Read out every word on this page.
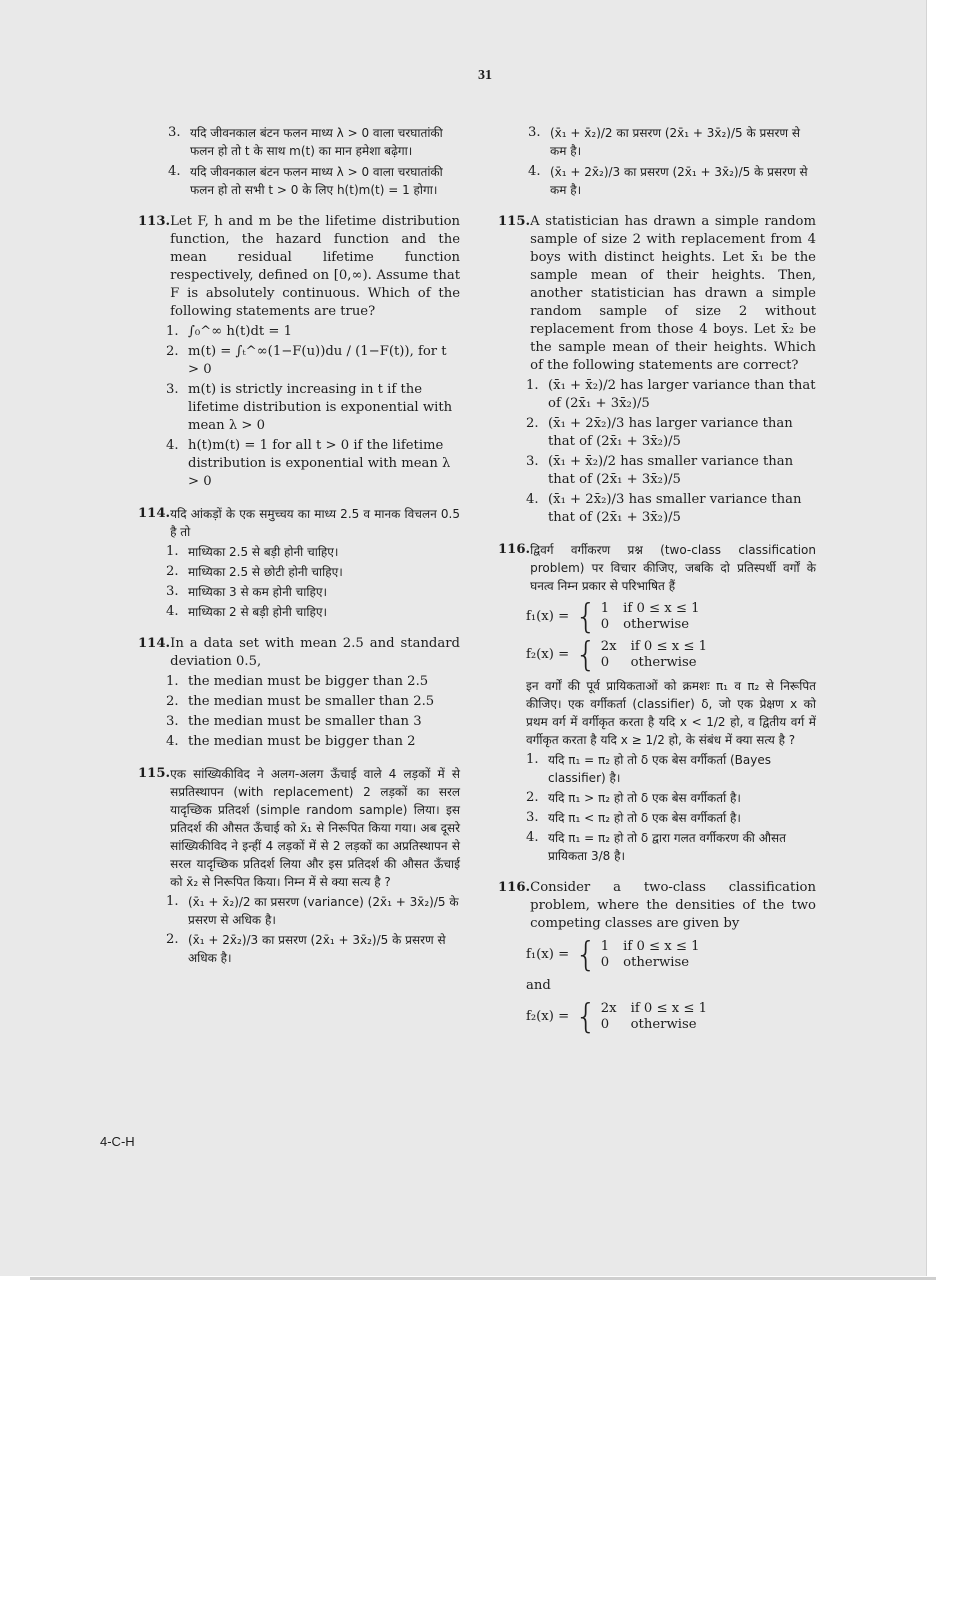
31
3. यदि जीवनकाल बंटन फलन माध्य λ > 0 वाला चरघातांकी फलन हो तो t के साथ m(t) का मान हमेशा बढ़ेगा।
4. यदि जीवनकाल बंटन फलन माध्य λ > 0 वाला चरघातांकी फलन हो तो सभी t > 0 के लिए h(t)m(t) = 1 होगा।
113. Let F, h and m be the lifetime distribution function, the hazard function and the mean residual lifetime function respectively, defined on [0,∞). Assume that F is absolutely continuous. Which of the following statements are true?
1. ∫₀^∞ h(t)dt = 1
2. m(t) = ∫ₜ^∞(1−F(u))du / (1−F(t)), for t > 0
3. m(t) is strictly increasing in t if the lifetime distribution is exponential with mean λ > 0
4. h(t)m(t) = 1 for all t > 0 if the lifetime distribution is exponential with mean λ > 0
114. यदि आंकड़ों के एक समुच्चय का माध्य 2.5 व मानक विचलन 0.5 है तो
1. माध्यिका 2.5 से बड़ी होनी चाहिए।
2. माध्यिका 2.5 से छोटी होनी चाहिए।
3. माध्यिका 3 से कम होनी चाहिए।
4. माध्यिका 2 से बड़ी होनी चाहिए।
114. In a data set with mean 2.5 and standard deviation 0.5,
1. the median must be bigger than 2.5
2. the median must be smaller than 2.5
3. the median must be smaller than 3
4. the median must be bigger than 2
115. एक सांख्यिकीविद ने अलग-अलग ऊँचाई वाले 4 लड़कों में से सप्रतिस्थापन (with replacement) 2 लड़कों का सरल यादृच्छिक प्रतिदर्श (simple random sample) लिया। इस प्रतिदर्श की औसत ऊँचाई को x̄₁ से निरूपित किया गया। अब दूसरे सांख्यिकीविद ने इन्हीं 4 लड़कों में से 2 लड़कों का अप्रतिस्थापन से सरल यादृच्छिक प्रतिदर्श लिया और इस प्रतिदर्श की औसत ऊँचाई को x̄₂ से निरूपित किया। निम्न में से क्या सत्य है ?
1. (x̄₁ + x̄₂)/2 का प्रसरण (variance) (2x̄₁ + 3x̄₂)/5 के प्रसरण से अधिक है।
2. (x̄₁ + 2x̄₂)/3 का प्रसरण (2x̄₁ + 3x̄₂)/5 के प्रसरण से अधिक है।
3. (x̄₁ + x̄₂)/2 का प्रसरण (2x̄₁ + 3x̄₂)/5 के प्रसरण से कम है।
4. (x̄₁ + 2x̄₂)/3 का प्रसरण (2x̄₁ + 3x̄₂)/5 के प्रसरण से कम है।
115. A statistician has drawn a simple random sample of size 2 with replacement from 4 boys with distinct heights. Let x̄₁ be the sample mean of their heights. Then, another statistician has drawn a simple random sample of size 2 without replacement from those 4 boys. Let x̄₂ be the sample mean of their heights. Which of the following statements are correct?
1. (x̄₁ + x̄₂)/2 has larger variance than that of (2x̄₁ + 3x̄₂)/5
2. (x̄₁ + 2x̄₂)/3 has larger variance than that of (2x̄₁ + 3x̄₂)/5
3. (x̄₁ + x̄₂)/2 has smaller variance than that of (2x̄₁ + 3x̄₂)/5
4. (x̄₁ + 2x̄₂)/3 has smaller variance than that of (2x̄₁ + 3x̄₂)/5
116. द्विवर्ग वर्गीकरण प्रश्न (two-class classification problem) पर विचार कीजिए, जबकि दो प्रतिस्पर्धी वर्गों के घनत्व निम्न प्रकार से परिभाषित हैं
f₁(x) = { 1 if 0 ≤ x ≤ 1
0 otherwise
f₂(x) = { 2x if 0 ≤ x ≤ 1
0	otherwise

इन वर्गों की पूर्व प्रायिकताओं को क्रमशः π₁ व π₂ से निरूपित कीजिए। एक वर्गीकर्ता (classifier) δ, जो एक प्रेक्षण x को प्रथम वर्ग में वर्गीकृत करता है यदि x < 1/2 हो, व द्वितीय वर्ग में वर्गीकृत करता है यदि x ≥ 1/2 हो, के संबंध में क्या सत्य है ?

1. यदि π₁ = π₂ हो तो δ एक बेस वर्गीकर्ता (Bayes classifier) है।
2. यदि π₁ > π₂ हो तो δ एक बेस वर्गीकर्ता है।
3. यदि π₁ < π₂ हो तो δ एक बेस वर्गीकर्ता है।
4. यदि π₁ = π₂ हो तो δ द्वारा गलत वर्गीकरण की औसत प्रायिकता 3/8 है।
116. Consider a two-class classification problem, where the densities of the two competing classes are given by
f₁(x) = { 1 if 0 ≤ x ≤ 1
0 otherwise
and
f₂(x) = { 2x if 0 ≤ x ≤ 1
0	otherwise
4-C-H
